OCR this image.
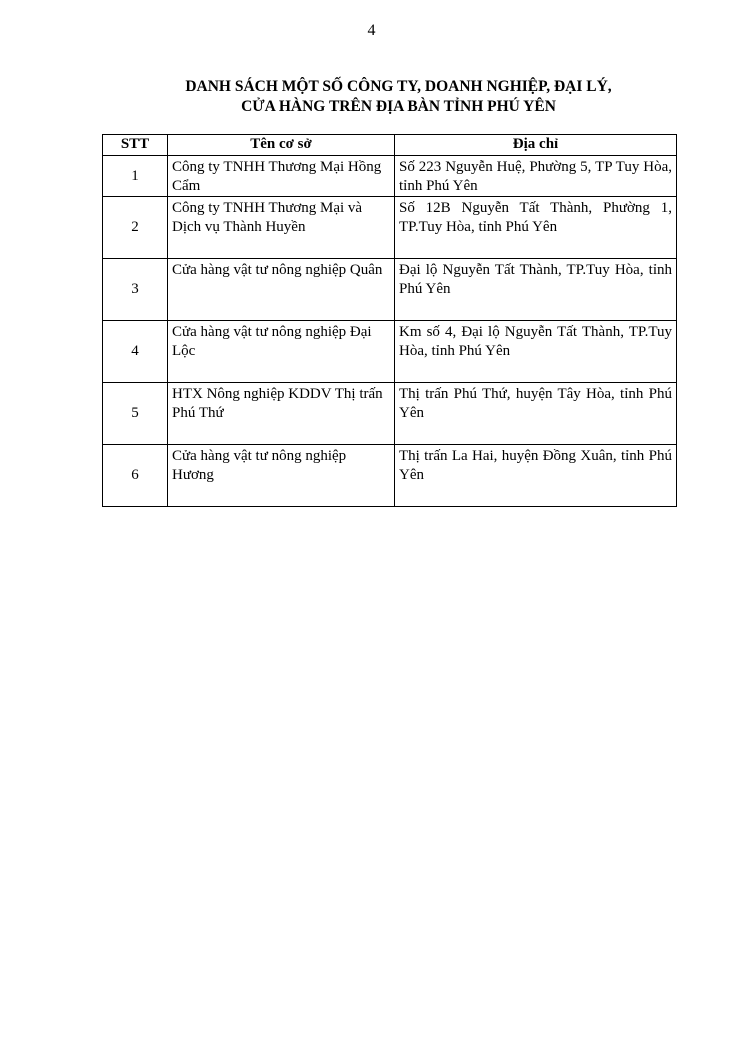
4
DANH SÁCH MỘT SỐ CÔNG TY, DOANH NGHIỆP, ĐẠI LÝ,
CỬA HÀNG TRÊN ĐỊA BÀN TỈNH PHÚ YÊN
STT	Tên cơ sở	Địa chỉ
1	Công ty TNHH Thương Mại Hồng Cẩm	Số 223 Nguyễn Huệ, Phường 5, TP Tuy Hòa, tỉnh Phú Yên
2	Công ty TNHH Thương Mại và Dịch vụ Thành Huyền	Số 12B Nguyễn Tất Thành, Phường 1, TP.Tuy Hòa, tỉnh Phú Yên
3	Cửa hàng vật tư nông nghiệp Quân	Đại lộ Nguyễn Tất Thành, TP.Tuy Hòa, tỉnh Phú Yên
4	Cửa hàng vật tư nông nghiệp Đại Lộc	Km số 4, Đại lộ Nguyễn Tất Thành, TP.Tuy Hòa, tỉnh Phú Yên
5	HTX Nông nghiệp KDDV Thị trấn Phú Thứ	Thị trấn Phú Thứ, huyện Tây Hòa, tỉnh Phú Yên
6	Cửa hàng vật tư nông nghiệp Hương	Thị trấn La Hai, huyện Đồng Xuân, tỉnh Phú Yên
